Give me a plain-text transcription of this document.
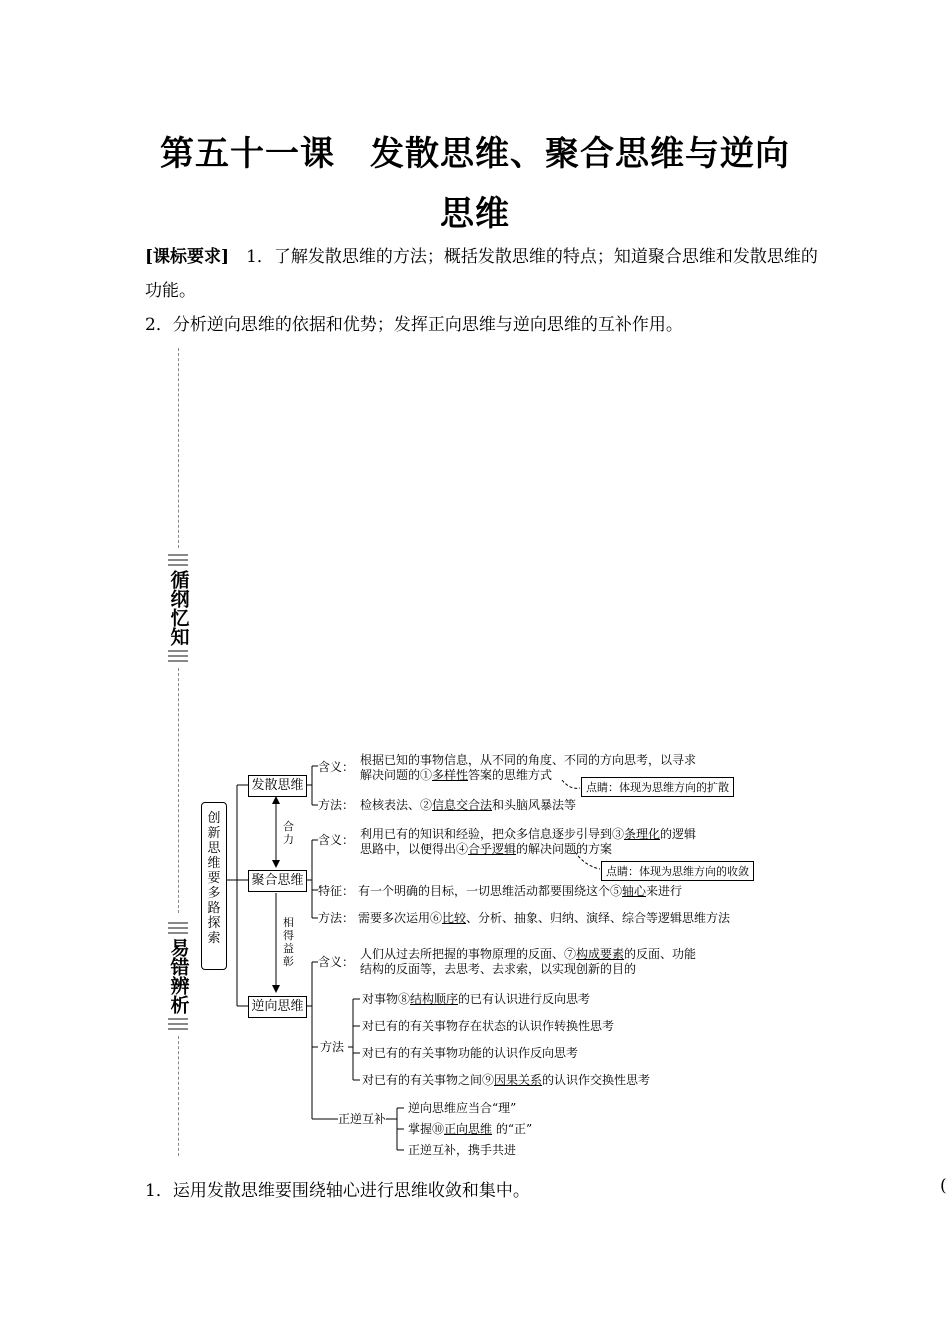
第五十一课　发散思维、聚合思维与逆向
思维
[课标要求]　1．了解发散思维的方法；概括发散思维的特点；知道聚合思维和发散思维的功能。
2．分析逆向思维的依据和优势；发挥正向思维与逆向思维的互补作用。
循纲忆知
易错辨析
创新思维要多路探索
发散思维
含义： 根据已知的事物信息，从不同的角度、不同的方向思考，以寻求
解决问题的①多样性答案的思维方式
点睛：体现为思维方向的扩散
方法： 检核表法、②信息交合法和头脑风暴法等
合力
相得益彰
聚合思维
含义： 利用已有的知识和经验，把众多信息逐步引导到③条理化的逻辑
思路中，以便得出④合乎逻辑的解决问题的方案
点睛：体现为思维方向的收敛
特征： 有一个明确的目标，一切思维活动都要围绕这个⑤轴心来进行
方法： 需要多次运用⑥比较、分析、抽象、归纳、演绎、综合等逻辑思维方法
逆向思维
含义：
人们从过去所把握的事物原理的反面、⑦构成要素的反面、功能
结构的反面等，去思考、去求索，以实现创新的目的
方法
对事物⑧结构顺序的已有认识进行反向思考
对已有的有关事物存在状态的认识作转换性思考
对已有的有关事物功能的认识作反向思考
对已有的有关事物之间⑨因果关系的认识作交换性思考
正逆互补
逆向思维应当合“理”
掌握⑩正向思维 的“正”
正逆互补，携手共进
1．运用发散思维要围绕轴心进行思维收敛和集中。	(
